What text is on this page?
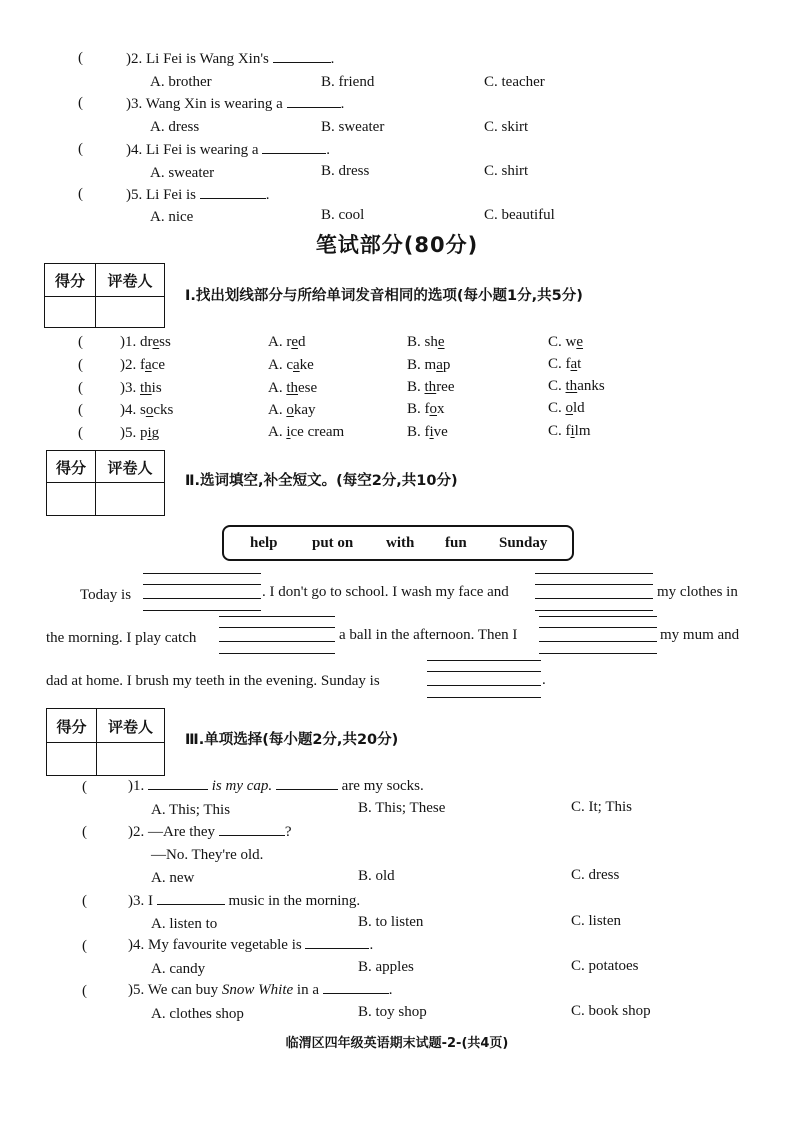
(	)2. Li Fei is Wang Xin's	.
A. brother	B. friend	C. teacher
(	)3. Wang Xin is wearing a	.
A. dress	B. sweater	C. skirt
(	)4. Li Fei is wearing a	.
A. sweater	B. dress	C. shirt
(	)5. Li Fei is	.
A. nice	B. cool	C. beautiful
笔试部分(80分)
得分	评卷人
Ⅰ.找出划线部分与所给单词发音相同的选项(每小题1分,共5分)
( )1. dress	A. red	B. she	C. we
( )2. face	A. cake	B. map	C. fat
( )3. this	A. these	B. three	C. thanks
( )4. socks	A. okay	B. fox	C. old
( )5. pig	A. ice cream	B. five	C. film
得分	评卷人
Ⅱ.选词填空,补全短文。(每空2分,共10分)
help put on with fun Sunday
Today is	. I don't go to school. I wash my face and	my clothes in
the morning. I play catch	a ball in the afternoon. Then I	my mum and
dad at home. I brush my teeth in the evening. Sunday is	.
得分	评卷人
Ⅲ.单项选择(每小题2分,共20分)
(	)1.	is my cap.	are my socks.
A. This; This	B. This; These	C. It; This
(	)2. —Are they	?
—No. They're old.
A. new	B. old	C. dress
(	)3. I	music in the morning.
A. listen to	B. to listen	C. listen
(	)4. My favourite vegetable is	.
A. candy	B. apples	C. potatoes
(	)5. We can buy Snow White in a	.
A. clothes shop	B. toy shop	C. book shop
临渭区四年级英语期末试题-2-(共4页)
